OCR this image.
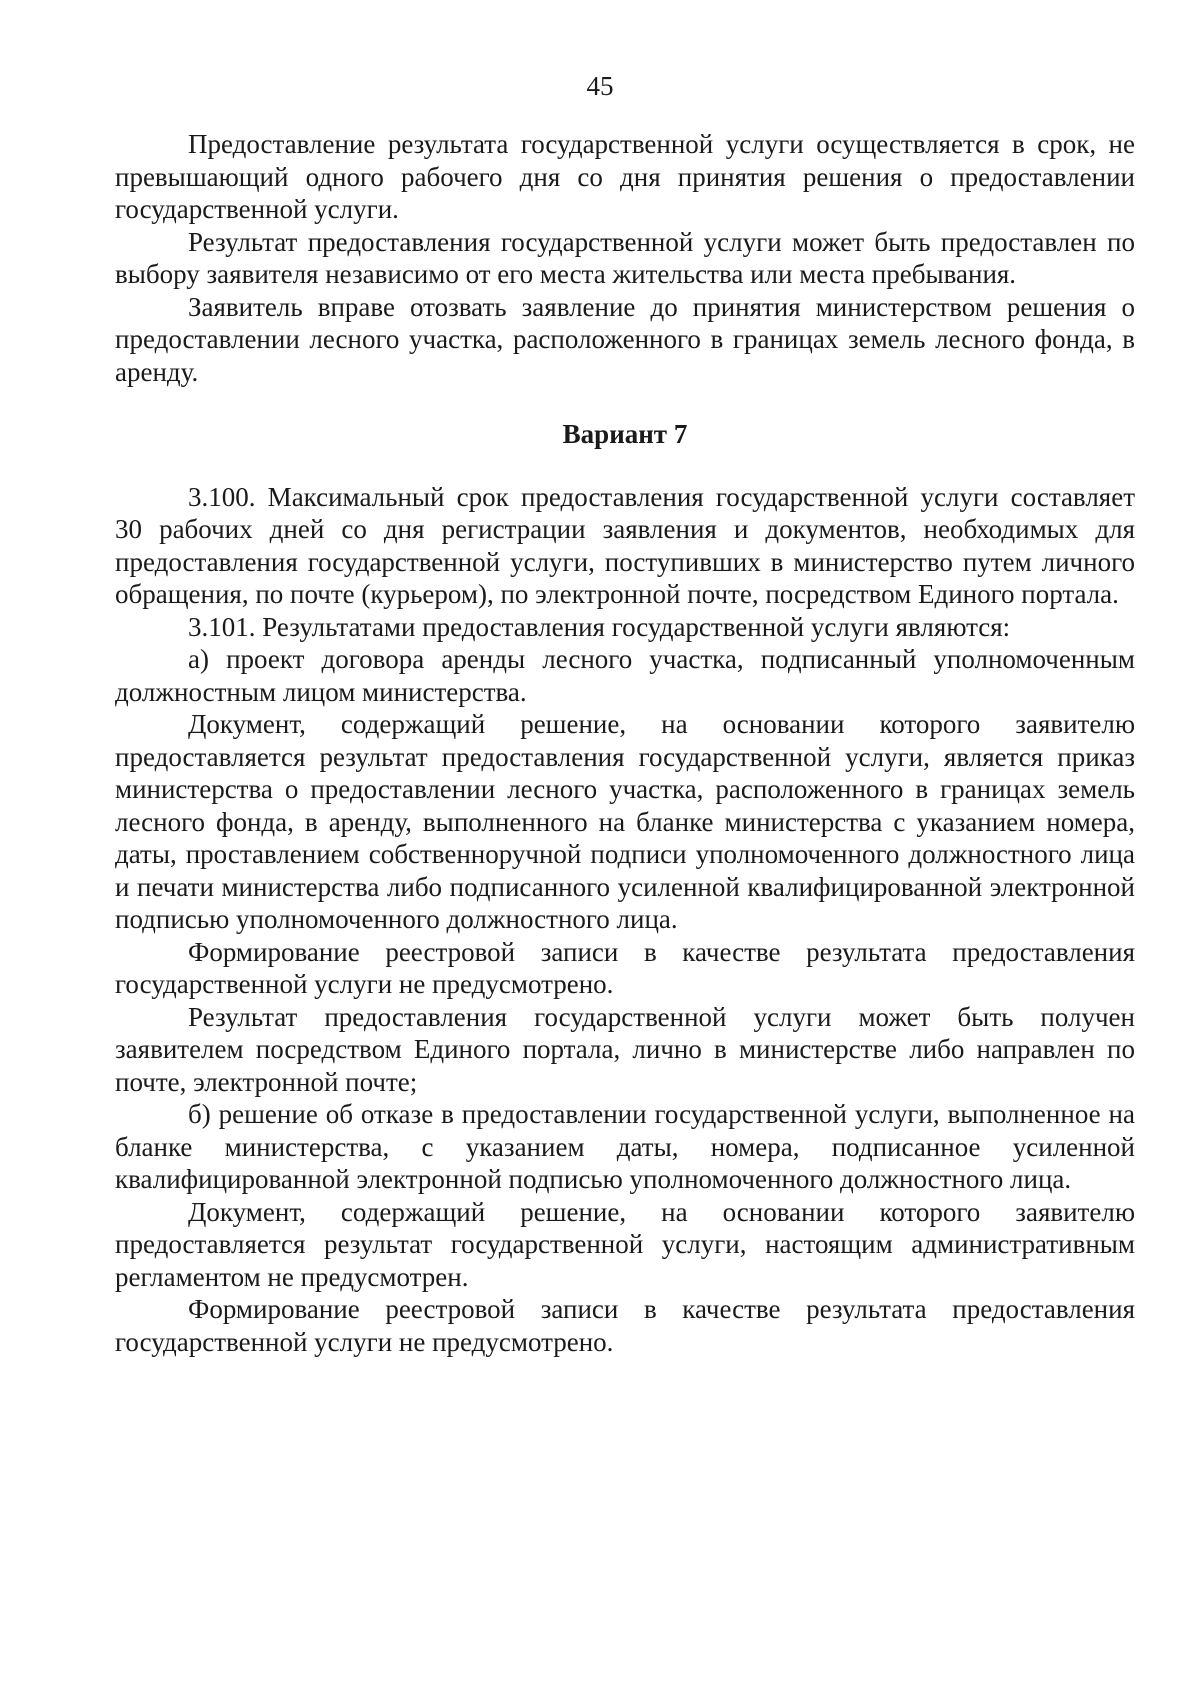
45

Предоставление результата государственной услуги осуществляется в срок, не превышающий одного рабочего дня со дня принятия решения о предоставлении государственной услуги.

Результат предоставления государственной услуги может быть предоставлен по выбору заявителя независимо от его места жительства или места пребывания.

Заявитель вправе отозвать заявление до принятия министерством решения о предоставлении лесного участка, расположенного в границах земель лесного фонда, в аренду.

Вариант 7

3.100. Максимальный срок предоставления государственной услуги составляет 30 рабочих дней со дня регистрации заявления и документов, необходимых для предоставления государственной услуги, поступивших в министерство путем личного обращения, по почте (курьером), по электронной почте, посредством Единого портала.

3.101. Результатами предоставления государственной услуги являются:

а) проект договора аренды лесного участка, подписанный уполномоченным должностным лицом министерства.

Документ, содержащий решение, на основании которого заявителю предоставляется результат предоставления государственной услуги, является приказ министерства о предоставлении лесного участка, расположенного в границах земель лесного фонда, в аренду, выполненного на бланке министерства с указанием номера, даты, проставлением собственноручной подписи уполномоченного должностного лица и печати министерства либо подписанного усиленной квалифицированной электронной подписью уполномоченного должностного лица.

Формирование реестровой записи в качестве результата предоставления государственной услуги не предусмотрено.

Результат предоставления государственной услуги может быть получен заявителем посредством Единого портала, лично в министерстве либо направлен по почте, электронной почте;

б) решение об отказе в предоставлении государственной услуги, выполненное на бланке министерства, с указанием даты, номера, подписанное усиленной квалифицированной электронной подписью уполномоченного должностного лица.

Документ, содержащий решение, на основании которого заявителю предоставляется результат государственной услуги, настоящим административным регламентом не предусмотрен.

Формирование реестровой записи в качестве результата предоставления государственной услуги не предусмотрено.
